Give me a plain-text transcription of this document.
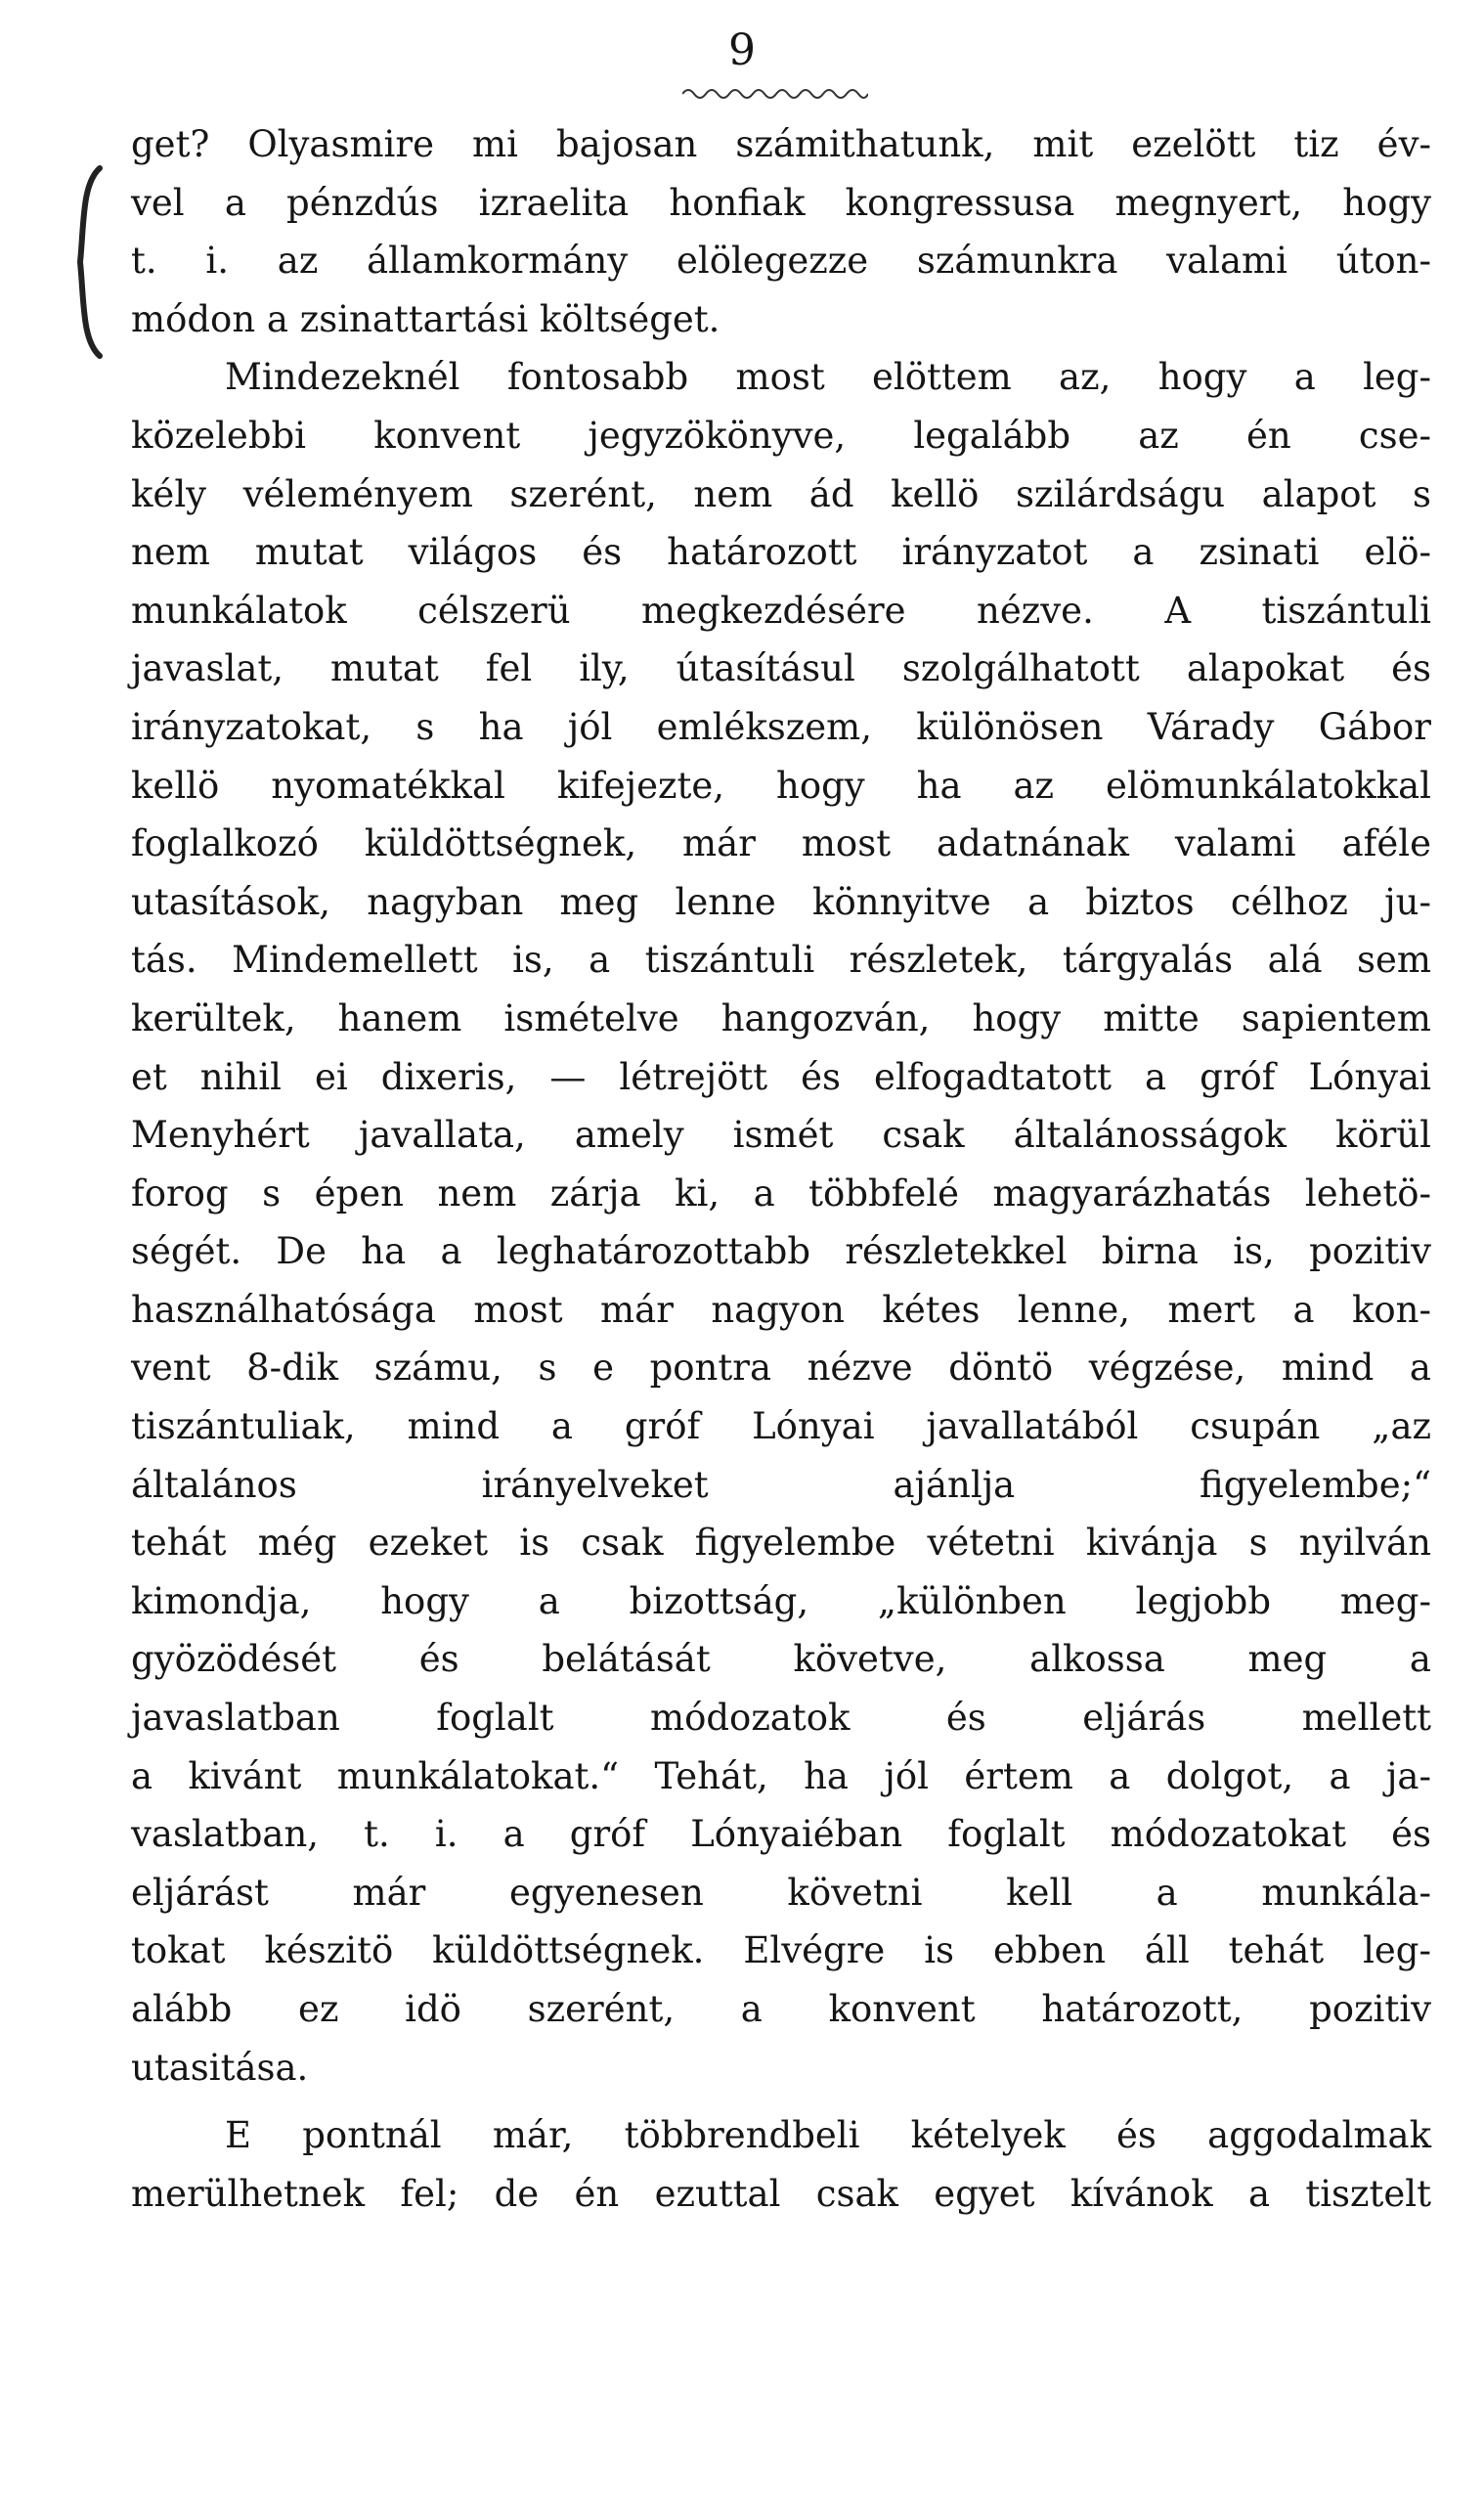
9
get? Olyasmire mi bajosan számithatunk, mit ezelött tiz év-
vel a pénzdús izraelita honfiak kongressusa megnyert, hogy
t. i. az államkormány elölegezze számunkra valami úton-
módon a zsinattartási költséget.
Mindezeknél fontosabb most elöttem az, hogy a leg-
közelebbi konvent jegyzökönyve, legalább az én cse-
kély véleményem szerént, nem ád kellö szilárdságu alapot s
nem mutat világos és határozott irányzatot a zsinati elö-
munkálatok célszerü megkezdésére nézve. A tiszántuli
javaslat, mutat fel ily, útasításul szolgálhatott alapokat és
irányzatokat, s ha jól emlékszem, különösen Várady Gábor
kellö nyomatékkal kifejezte, hogy ha az elömunkálatokkal
foglalkozó küldöttségnek, már most adatnának valami aféle
utasítások, nagyban meg lenne könnyitve a biztos célhoz ju-
tás. Mindemellett is, a tiszántuli részletek, tárgyalás alá sem
kerültek, hanem ismételve hangozván, hogy mitte sapientem
et nihil ei dixeris, — létrejött és elfogadtatott a gróf Lónyai
Menyhért javallata, amely ismét csak általánosságok körül
forog s épen nem zárja ki, a többfelé magyarázhatás lehetö-
ségét. De ha a leghatározottabb részletekkel birna is, pozitiv
használhatósága most már nagyon kétes lenne, mert a kon-
vent 8-dik számu, s e pontra nézve döntö végzése, mind a
tiszántuliak, mind a gróf Lónyai javallatából csupán „az
általános irányelveket ajánlja figyelembe;“
tehát még ezeket is csak figyelembe vétetni kivánja s nyilván
kimondja, hogy a bizottság, „különben legjobb meg-
gyözödését és belátását követve, alkossa meg a
javaslatban foglalt módozatok és eljárás mellett
a kivánt munkálatokat.“ Tehát, ha jól értem a dolgot, a ja-
vaslatban, t. i. a gróf Lónyaiéban foglalt módozatokat és
eljárást már egyenesen követni kell a munkála-
tokat készitö küldöttségnek. Elvégre is ebben áll tehát leg-
alább ez idö szerént, a konvent határozott, pozitiv
utasitása.
E pontnál már, többrendbeli kételyek és aggodalmak
merülhetnek fel; de én ezuttal csak egyet kívánok a tisztelt
